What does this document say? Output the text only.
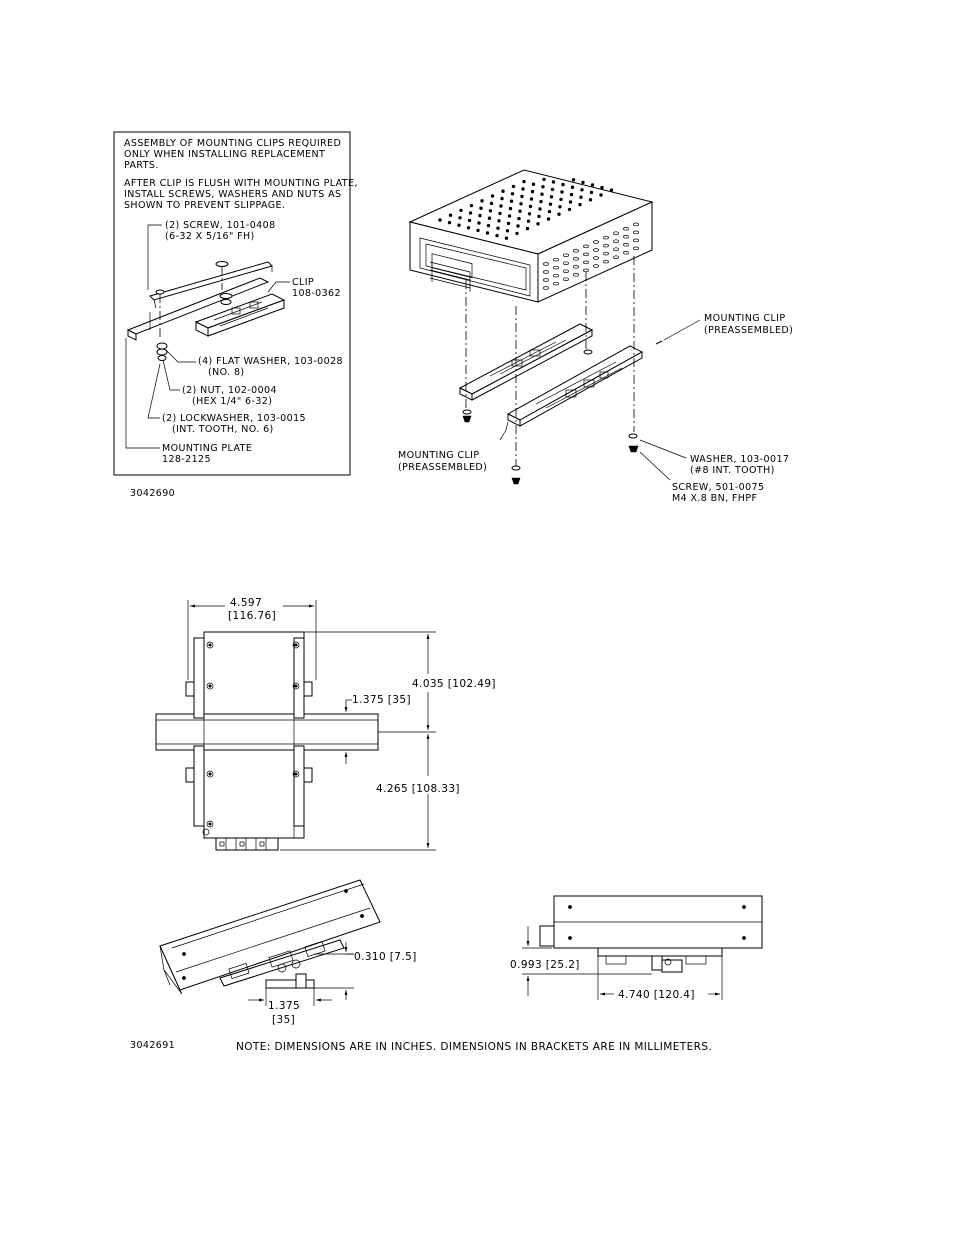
ASSEMBLY OF MOUNTING CLIPS REQUIRED
ONLY WHEN INSTALLING REPLACEMENT
PARTS.
AFTER CLIP IS FLUSH WITH MOUNTING PLATE,
INSTALL SCREWS, WASHERS AND NUTS AS
SHOWN TO PREVENT SLIPPAGE.
(2) SCREW, 101-0408
(6-32 X 5/16" FH)
CLIP
108-0362
(4) FLAT WASHER, 103-0028
(NO. 8)
(2) NUT, 102-0004
(HEX 1/4" 6-32)
(2) LOCKWASHER, 103-0015
(INT. TOOTH, NO. 6)
MOUNTING PLATE
128-2125
3042690
MOUNTING CLIP
(PREASSEMBLED)
MOUNTING CLIP
(PREASSEMBLED)
WASHER, 103-0017
(#8 INT. TOOTH)
SCREW, 501-0075
M4 X.8 BN, FHPF
4.597
[116.76]
4.035 [102.49]
4.265 [108.33]
1.375 [35]
0.310 [7.5]
1.375
[35]
0.993 [25.2]
4.740 [120.4]
3042691	NOTE: DIMENSIONS ARE IN INCHES. DIMENSIONS IN BRACKETS ARE IN MILLIMETERS.
